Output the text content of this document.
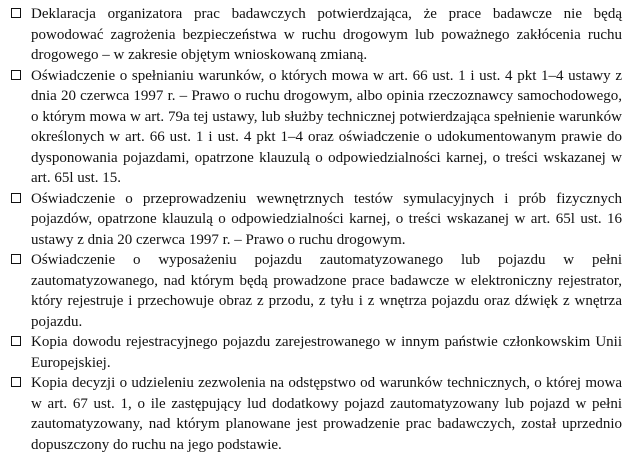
Deklaracja organizatora prac badawczych potwierdzająca, że prace badawcze nie będą powodować zagrożenia bezpieczeństwa w ruchu drogowym lub poważnego zakłócenia ruchu drogowego – w zakresie objętym wnioskowaną zmianą.
Oświadczenie o spełnianiu warunków, o których mowa w art. 66 ust. 1 i ust. 4 pkt 1–4 ustawy z dnia 20 czerwca 1997 r. – Prawo o ruchu drogowym, albo opinia rzeczoznawcy samochodowego, o którym mowa w art. 79a tej ustawy, lub służby technicznej potwierdzająca spełnienie warunków określonych w art. 66 ust. 1 i ust. 4 pkt 1–4 oraz oświadczenie o udokumentowanym prawie do dysponowania pojazdami, opatrzone klauzulą o odpowiedzialności karnej, o treści wskazanej w art. 65l ust. 15.
Oświadczenie o przeprowadzeniu wewnętrznych testów symulacyjnych i prób fizycznych pojazdów, opatrzone klauzulą o odpowiedzialności karnej, o treści wskazanej w art. 65l ust. 16 ustawy z dnia 20 czerwca 1997 r. – Prawo o ruchu drogowym.
Oświadczenie o wyposażeniu pojazdu zautomatyzowanego lub pojazdu w pełni zautomatyzowanego, nad którym będą prowadzone prace badawcze w elektroniczny rejestrator, który rejestruje i przechowuje obraz z przodu, z tyłu i z wnętrza pojazdu oraz dźwięk z wnętrza pojazdu.
Kopia dowodu rejestracyjnego pojazdu zarejestrowanego w innym państwie członkowskim Unii Europejskiej.
Kopia decyzji o udzieleniu zezwolenia na odstępstwo od warunków technicznych, o której mowa w art. 67 ust. 1, o ile zastępujący lud dodatkowy pojazd zautomatyzowany lub pojazd w pełni zautomatyzowany, nad którym planowane jest prowadzenie prac badawczych, został uprzednio dopuszczony do ruchu na jego podstawie.
